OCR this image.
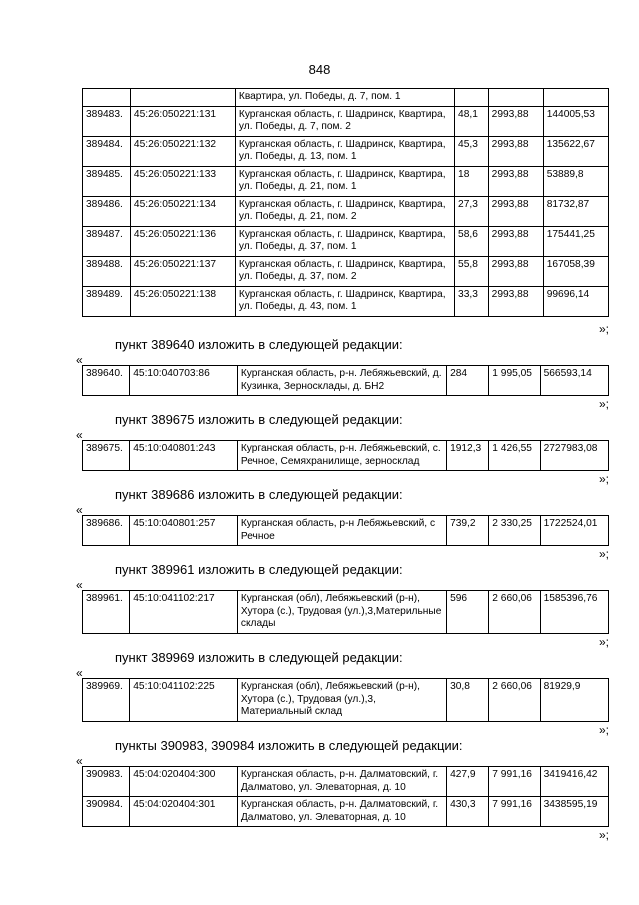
848
		Квартира, ул. Победы, д. 7, пом. 1			
389483.	45:26:050221:131	Курганская область, г. Шадринск, Квартира, ул. Победы, д. 7, пом. 2	48,1	2993,88	144005,53
389484.	45:26:050221:132	Курганская область, г. Шадринск, Квартира, ул. Победы, д. 13, пом. 1	45,3	2993,88	135622,67
389485.	45:26:050221:133	Курганская область, г. Шадринск, Квартира, ул. Победы, д. 21, пом. 1	18	2993,88	53889,8
389486.	45:26:050221:134	Курганская область, г. Шадринск, Квартира, ул. Победы, д. 21, пом. 2	27,3	2993,88	81732,87
389487.	45:26:050221:136	Курганская область, г. Шадринск, Квартира, ул. Победы, д. 37, пом. 1	58,6	2993,88	175441,25
389488.	45:26:050221:137	Курганская область, г. Шадринск, Квартира, ул. Победы, д. 37, пом. 2	55,8	2993,88	167058,39
389489.	45:26:050221:138	Курганская область, г. Шадринск, Квартира, ул. Победы, д. 43, пом. 1	33,3	2993,88	99696,14
»;
пункт 389640 изложить в следующей редакции:
«
389640.	45:10:040703:86	Курганская область, р-н. Лебяжьевский, д. Кузинка, Зерносклады, д. БН2	284	1 995,05	566593,14
»;
пункт 389675 изложить в следующей редакции:
«
389675.	45:10:040801:243	Курганская область, р-н. Лебяжьевский, с. Речное, Семяхранилище, зерносклад	1912,3	1 426,55	2727983,08
»;
пункт 389686 изложить в следующей редакции:
«
389686.	45:10:040801:257	Курганская область, р-н Лебяжьевский, с Речное	739,2	2 330,25	1722524,01
»;
пункт 389961 изложить в следующей редакции:
«
389961.	45:10:041102:217	Курганская (обл), Лебяжьевский (р-н), Хутора (с.), Трудовая (ул.),3,Материльные склады	596	2 660,06	1585396,76
»;
пункт 389969 изложить в следующей редакции:
«
389969.	45:10:041102:225	Курганская (обл), Лебяжьевский (р-н), Хутора (с.), Трудовая (ул.),3, Материальный склад	30,8	2 660,06	81929,9
»;
пункты 390983, 390984 изложить в следующей редакции:
«
390983.	45:04:020404:300	Курганская область, р-н. Далматовский, г. Далматово, ул. Элеваторная, д. 10	427,9	7 991,16	3419416,42
390984.	45:04:020404:301	Курганская область, р-н. Далматовский, г. Далматово, ул. Элеваторная, д. 10	430,3	7 991,16	3438595,19
»;
